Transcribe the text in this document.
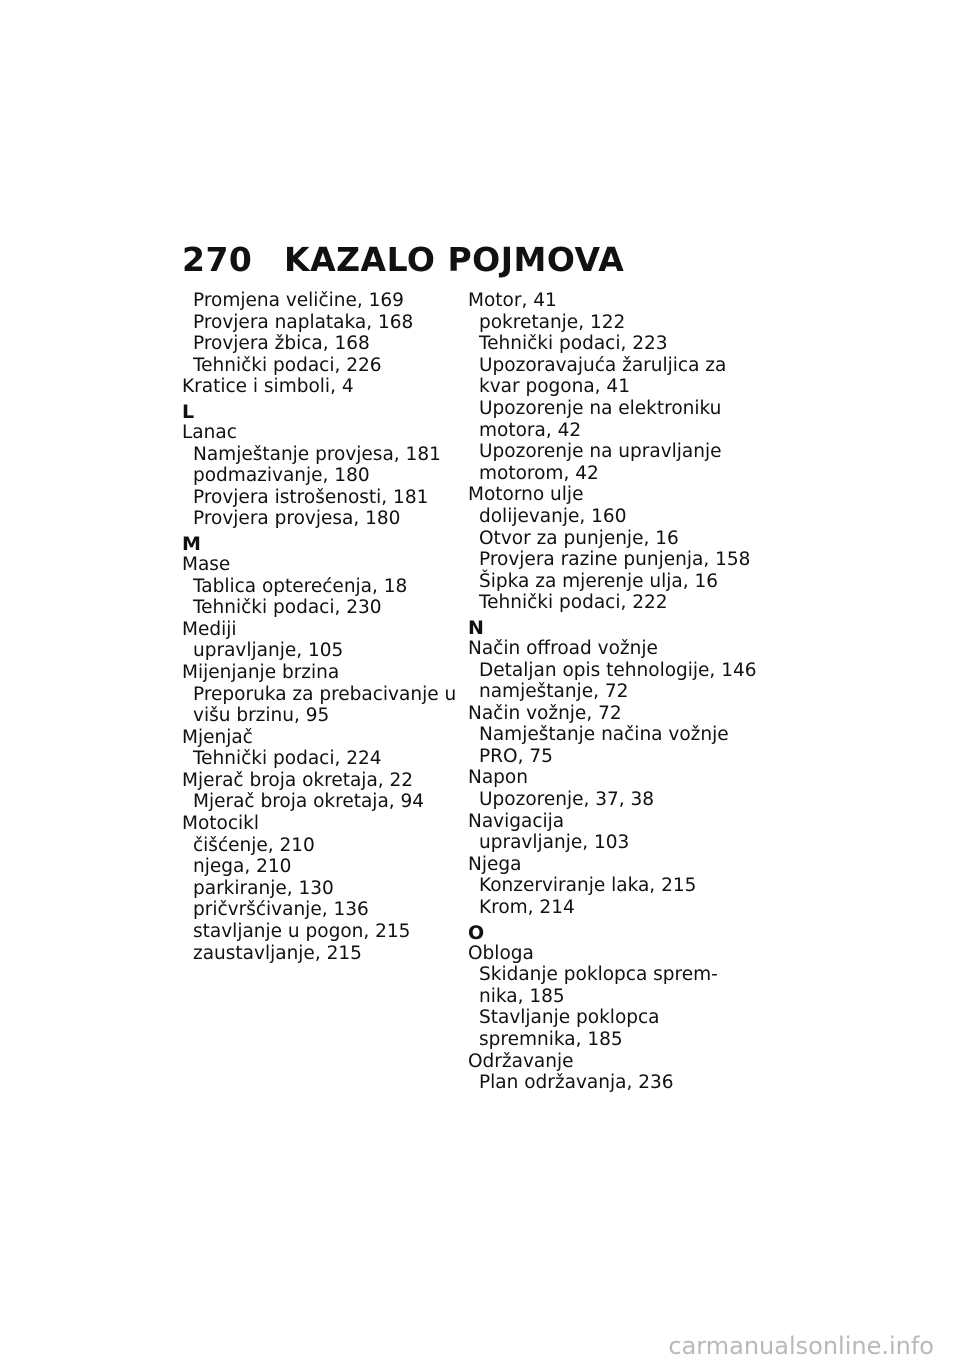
270 KAZALO POJMOVA
Promjena veličine, 169
Provjera naplataka, 168
Provjera žbica, 168
Tehnički podaci, 226
Kratice i simboli, 4
L
Lanac
Namještanje provjesa, 181
podmazivanje, 180
Provjera istrošenosti, 181
Provjera provjesa, 180
M
Mase
Tablica opterećenja, 18
Tehnički podaci, 230
Mediji
upravljanje, 105
Mijenjanje brzina
Preporuka za prebacivanje u
višu brzinu, 95
Mjenjač
Tehnički podaci, 224
Mjerač broja okretaja, 22
Mjerač broja okretaja, 94
Motocikl
čišćenje, 210
njega, 210
parkiranje, 130
pričvršćivanje, 136
stavljanje u pogon, 215
zaustavljanje, 215
Motor, 41
pokretanje, 122
Tehnički podaci, 223
Upozoravajuća žaruljica za
kvar pogona, 41
Upozorenje na elektroniku
motora, 42
Upozorenje na upravljanje
motorom, 42
Motorno ulje
dolijevanje, 160
Otvor za punjenje, 16
Provjera razine punjenja, 158
Šipka za mjerenje ulja, 16
Tehnički podaci, 222
N
Način offroad vožnje
Detaljan opis tehnologije, 146
namještanje, 72
Način vožnje, 72
Namještanje načina vožnje
PRO, 75
Napon
Upozorenje, 37, 38
Navigacija
upravljanje, 103
Njega
Konzerviranje laka, 215
Krom, 214
O
Obloga
Skidanje poklopca sprem-
nika, 185
Stavljanje poklopca
spremnika, 185
Održavanje
Plan održavanja, 236
carmanualsonline.info
